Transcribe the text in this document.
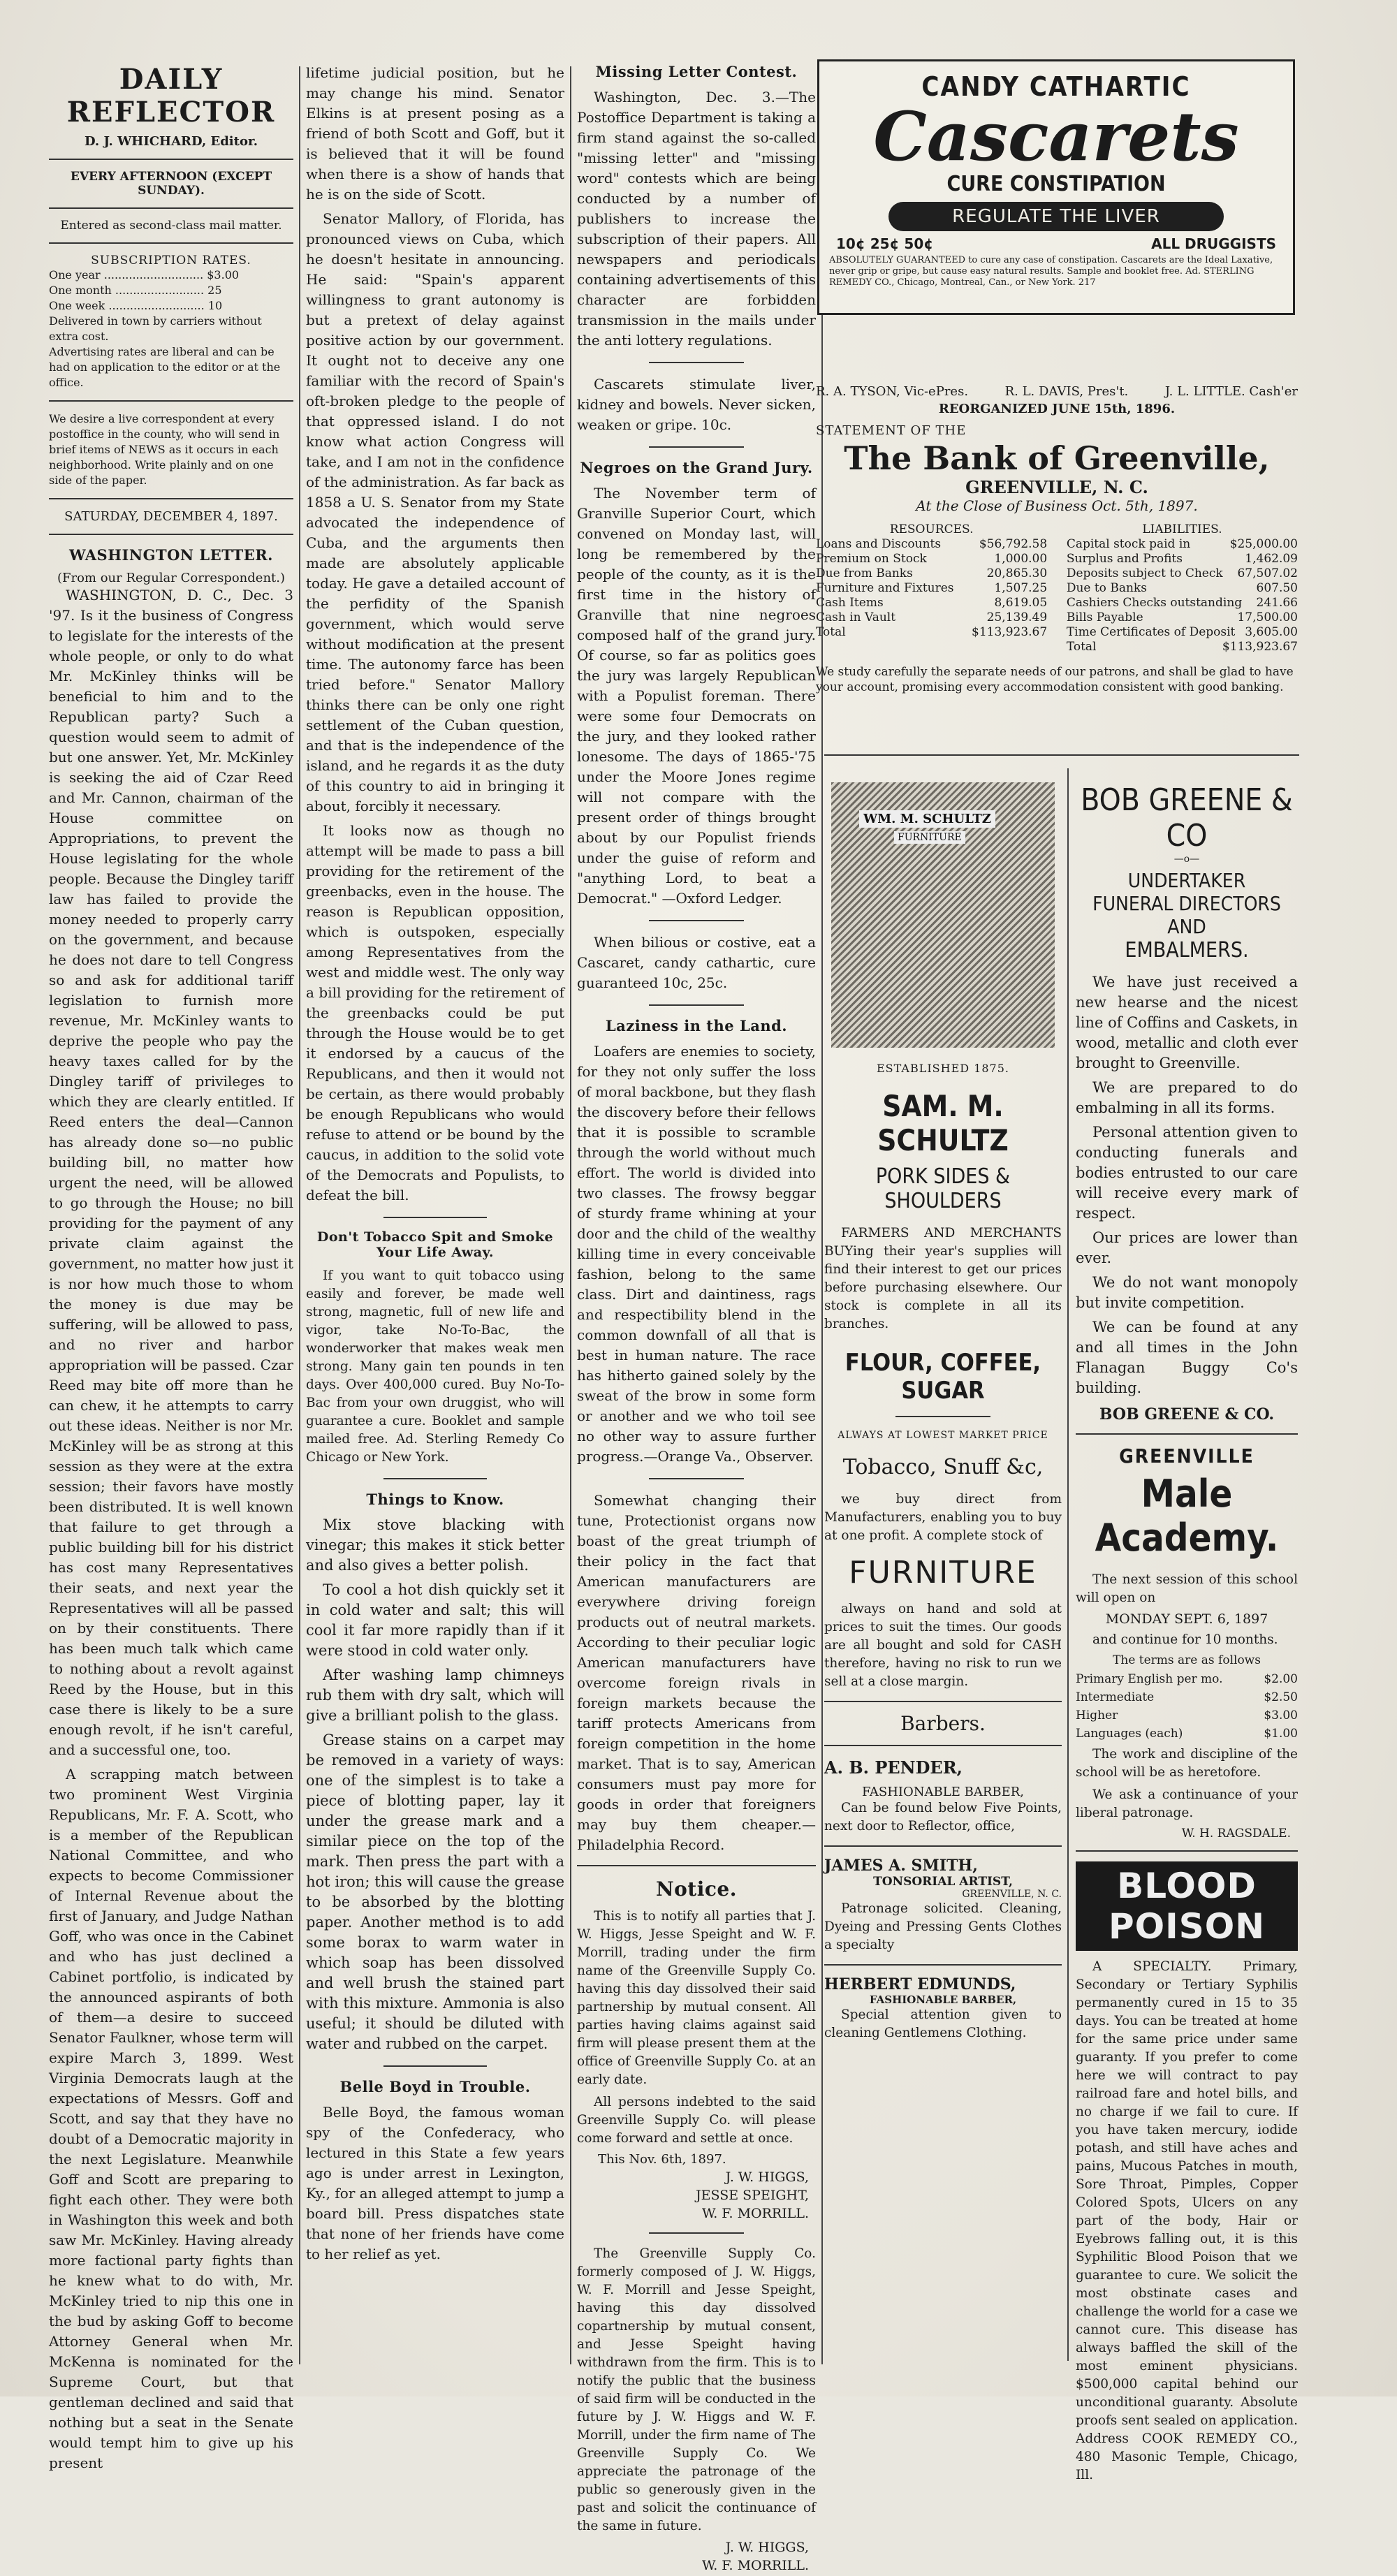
DAILY REFLECTOR
D. J. WHICHARD, Editor.
EVERY AFTERNOON (EXCEPT SUNDAY).
Entered as second-class mail matter.
SUBSCRIPTION RATES.
One year ............................ $3.00
One month ......................... 25
One week ........................... 10
Delivered in town by carriers without extra cost.
Advertising rates are liberal and can be had on application to the editor or at the office.
We desire a live correspondent at every postoffice in the county, who will send in brief items of NEWS as it occurs in each neighborhood. Write plainly and on one side of the paper.
SATURDAY, DECEMBER 4, 1897.
WASHINGTON LETTER.
(From our Regular Correspondent.)

WASHINGTON, D. C., Dec. 3 '97. Is it the business of Congress to legislate for the interests of the whole people, or only to do what Mr. McKinley thinks will be beneficial to him and to the Republican party? Such a question would seem to admit of but one answer. Yet, Mr. McKinley is seeking the aid of Czar Reed and Mr. Cannon, chairman of the House committee on Appropriations, to prevent the House legislating for the whole people. Because the Dingley tariff law has failed to provide the money needed to properly carry on the government, and because he does not dare to tell Congress so and ask for additional tariff legislation to furnish more revenue, Mr. McKinley wants to deprive the people who pay the heavy taxes called for by the Dingley tariff of privileges to which they are clearly entitled. If Reed enters the deal—Cannon has already done so—no public building bill, no matter how urgent the need, will be allowed to go through the House; no bill providing for the payment of any private claim against the government, no matter how just it is nor how much those to whom the money is due may be suffering, will be allowed to pass, and no river and harbor appropriation will be passed. Czar Reed may bite off more than he can chew, it he attempts to carry out these ideas. Neither is nor Mr. McKinley will be as strong at this session as they were at the extra session; their favors have mostly been distributed. It is well known that failure to get through a public building bill for his district has cost many Representatives their seats, and next year the Representatives will all be passed on by their constituents. There has been much talk which came to nothing about a revolt against Reed by the House, but in this case there is likely to be a sure enough revolt, if he isn't careful, and a successful one, too.

A scrapping match between two prominent West Virginia Republicans, Mr. F. A. Scott, who is a member of the Republican National Committee, and who expects to become Commissioner of Internal Revenue about the first of January, and Judge Nathan Goff, who was once in the Cabinet and who has just declined a Cabinet portfolio, is indicated by the announced aspirants of both of them—a desire to succeed Senator Faulkner, whose term will expire March 3, 1899. West Virginia Democrats laugh at the expectations of Messrs. Goff and Scott, and say that they have no doubt of a Democratic majority in the next Legislature. Meanwhile Goff and Scott are preparing to fight each other. They were both in Washington this week and both saw Mr. McKinley. Having already more factional party fights than he knew what to do with, Mr. McKinley tried to nip this one in the bud by asking Goff to become Attorney General when Mr. McKenna is nominated for the Supreme Court, but that gentleman declined and said that nothing but a seat in the Senate would tempt him to give up his present

lifetime judicial position, but he may change his mind. Senator Elkins is at present posing as a friend of both Scott and Goff, but it is believed that it will be found when there is a show of hands that he is on the side of Scott.

Senator Mallory, of Florida, has pronounced views on Cuba, which he doesn't hesitate in announcing. He said: "Spain's apparent willingness to grant autonomy is but a pretext of delay against positive action by our government. It ought not to deceive any one familiar with the record of Spain's oft-broken pledge to the people of that oppressed island. I do not know what action Congress will take, and I am not in the confidence of the administration. As far back as 1858 a U. S. Senator from my State advocated the independence of Cuba, and the arguments then made are absolutely applicable today. He gave a detailed account of the perfidity of the Spanish government, which would serve without modification at the present time. The autonomy farce has been tried before." Senator Mallory thinks there can be only one right settlement of the Cuban question, and that is the independence of the island, and he regards it as the duty of this country to aid in bringing it about, forcibly it necessary.

It looks now as though no attempt will be made to pass a bill providing for the retirement of the greenbacks, even in the house. The reason is Republican opposition, which is outspoken, especially among Representatives from the west and middle west. The only way a bill providing for the retirement of the greenbacks could be put through the House would be to get it endorsed by a caucus of the Republicans, and then it would not be certain, as there would probably be enough Republicans who would refuse to attend or be bound by the caucus, in addition to the solid vote of the Democrats and Populists, to defeat the bill.

Don't Tobacco Spit and Smoke Your Life Away.

If you want to quit tobacco using easily and forever, be made well strong, magnetic, full of new life and vigor, take No-To-Bac, the wonderworker that makes weak men strong. Many gain ten pounds in ten days. Over 400,000 cured. Buy No-To-Bac from your own druggist, who will guarantee a cure. Booklet and sample mailed free. Ad. Sterling Remedy Co Chicago or New York.

Things to Know.

Mix stove blacking with vinegar; this makes it stick better and also gives a better polish.

To cool a hot dish quickly set it in cold water and salt; this will cool it far more rapidly than if it were stood in cold water only.

After washing lamp chimneys rub them with dry salt, which will give a brilliant polish to the glass.

Grease stains on a carpet may be removed in a variety of ways: one of the simplest is to take a piece of blotting paper, lay it under the grease mark and a similar piece on the top of the mark. Then press the part with a hot iron; this will cause the grease to be absorbed by the blotting paper. Another method is to add some borax to warm water in which soap has been dissolved and well brush the stained part with this mixture. Ammonia is also useful; it should be diluted with water and rubbed on the carpet.

Belle Boyd in Trouble.

Belle Boyd, the famous woman spy of the Confederacy, who lectured in this State a few years ago is under arrest in Lexington, Ky., for an alleged attempt to jump a board bill. Press dispatches state that none of her friends have come to her relief as yet.

Missing Letter Contest.

Washington, Dec. 3.—The Postoffice Department is taking a firm stand against the so-called "missing letter" and "missing word" contests which are being conducted by a number of publishers to increase the subscription of their papers. All newspapers and periodicals containing advertisements of this character are forbidden transmission in the mails under the anti lottery regulations.

Cascarets stimulate liver, kidney and bowels. Never sicken, weaken or gripe. 10c.

Negroes on the Grand Jury.

The November term of Granville Superior Court, which convened on Monday last, will long be remembered by the people of the county, as it is the first time in the history of Granville that nine negroes composed half of the grand jury. Of course, so far as politics goes the jury was largely Republican with a Populist foreman. There were some four Democrats on the jury, and they looked rather lonesome. The days of 1865-'75 under the Moore Jones regime will not compare with the present order of things brought about by our Populist friends under the guise of reform and "anything Lord, to beat a Democrat." —Oxford Ledger.

When bilious or costive, eat a Cascaret, candy cathartic, cure guaranteed 10c, 25c.

Laziness in the Land.

Loafers are enemies to society, for they not only suffer the loss of moral backbone, but they flash the discovery before their fellows that it is possible to scramble through the world without much effort. The world is divided into two classes. The frowsy beggar of sturdy frame whining at your door and the child of the wealthy killing time in every conceivable fashion, belong to the same class. Dirt and daintiness, rags and respectibility blend in the common downfall of all that is best in human nature. The race has hitherto gained solely by the sweat of the brow in some form or another and we who toil see no other way to assure further progress.—Orange Va., Observer.

Somewhat changing their tune, Protectionist organs now boast of the great triumph of their policy in the fact that American manufacturers are everywhere driving foreign products out of neutral markets. According to their peculiar logic American manufacturers have overcome foreign rivals in foreign markets because the tariff protects Americans from foreign competition in the home market. That is to say, American consumers must pay more for goods in order that foreigners may buy them cheaper.—Philadelphia Record.

Notice.

This is to notify all parties that J. W. Higgs, Jesse Speight and W. F. Morrill, trading under the firm name of the Greenville Supply Co. having this day dissolved their said partnership by mutual consent. All parties having claims against said firm will please present them at the office of Greenville Supply Co. at an early date.

All persons indebted to the said Greenville Supply Co. will please come forward and settle at once.

This Nov. 6th, 1897.
J. W. HIGGS,
JESSE SPEIGHT,
W. F. MORRILL.

The Greenville Supply Co. formerly composed of J. W. Higgs, W. F. Morrill and Jesse Speight, having this day dissolved copartnership by mutual consent, and Jesse Speight having withdrawn from the firm. This is to notify the public that the business of said firm will be conducted in the future by J. W. Higgs and W. F. Morrill, under the firm name of The Greenville Supply Co. We appreciate the patronage of the public so generously given in the past and solicit the continuance of the same in future.

J. W. HIGGS,
W. F. MORRILL.
CANDY CATHARTIC
Cascarets
CURE CONSTIPATION
REGULATE THE LIVER
10¢ 25¢ 50¢	ALL DRUGGISTS
ABSOLUTELY GUARANTEED to cure any case of constipation. Cascarets are the Ideal Laxative, never grip or gripe, but cause easy natural results. Sample and booklet free. Ad. STERLING REMEDY CO., Chicago, Montreal, Can., or New York. 217
R. A. TYSON, Vic-ePres.	R. L. DAVIS, Pres't.	J. L. LITTLE. Cash'er
REORGANIZED JUNE 15th, 1896.
STATEMENT OF THE
The Bank of Greenville,
GREENVILLE, N. C.
At the Close of Business Oct. 5th, 1897.
RESOURCES.
Loans and Discounts	$56,792.58
Premium on Stock	1,000.00
Due from Banks	20,865.30
Furniture and Fixtures	1,507.25
Cash Items	8,619.05
Cash in Vault	25,139.49
Total	$113,923.67
LIABILITIES.
Capital stock paid in	$25,000.00
Surplus and Profits	1,462.09
Deposits subject to Check 67,507.02
Due to Banks	607.50
Cashiers Checks outstanding 241.66
Bills Payable	17,500.00
Time Certificates of Deposit 3,605.00
Total	$113,923.67
We study carefully the separate needs of our patrons, and shall be glad to have your account, promising every accommodation consistent with good banking.
WM. M. SCHULTZ
FURNITURE
ESTABLISHED 1875.
SAM. M. SCHULTZ
PORK SIDES & SHOULDERS

FARMERS AND MERCHANTS BUYing their year's supplies will find their interest to get our prices before purchasing elsewhere. Our stock is complete in all its branches.

FLOUR, COFFEE, SUGAR
ALWAYS AT LOWEST MARKET PRICE
Tobacco, Snuff &c,

we buy direct from Manufacturers, enabling you to buy at one profit. A complete stock of

FURNITURE

always on hand and sold at prices to suit the times. Our goods are all bought and sold for CASH therefore, having no risk to run we sell at a close margin.

Barbers.
A. B. PENDER,
FASHIONABLE BARBER,

Can be found below Five Points, next door to Reflector, office,

JAMES A. SMITH,
TONSORIAL ARTIST,
GREENVILLE, N. C.

Patronage solicited. Cleaning, Dyeing and Pressing Gents Clothes a specialty

HERBERT EDMUNDS,
FASHIONABLE BARBER,

Special attention given to cleaning Gentlemens Clothing.

BOB GREENE & CO
—o—
UNDERTAKER
FUNERAL DIRECTORS AND
EMBALMERS.

We have just received a new hearse and the nicest line of Coffins and Caskets, in wood, metallic and cloth ever brought to Greenville.

We are prepared to do embalming in all its forms.

Personal attention given to conducting funerals and bodies entrusted to our care will receive every mark of respect.

Our prices are lower than ever.

We do not want monopoly but invite competition.

We can be found at any and all times in the John Flanagan Buggy Co's building.

BOB GREENE & CO.
GREENVILLE
Male Academy.

The next session of this school will open on

MONDAY SEPT. 6, 1897

and continue for 10 months.

The terms are as follows
Primary English per mo.	$2.00
Intermediate	$2.50
Higher	$3.00
Languages (each)	$1.00

The work and discipline of the school will be as heretofore.

We ask a continuance of your liberal patronage.

W. H. RAGSDALE.
BLOOD POISON

A SPECIALTY. Primary, Secondary or Tertiary Syphilis permanently cured in 15 to 35 days. You can be treated at home for the same price under same guaranty. If you prefer to come here we will contract to pay railroad fare and hotel bills, and no charge if we fail to cure. If you have taken mercury, iodide potash, and still have aches and pains, Mucous Patches in mouth, Sore Throat, Pimples, Copper Colored Spots, Ulcers on any part of the body, Hair or Eyebrows falling out, it is this Syphilitic Blood Poison that we guarantee to cure. We solicit the most obstinate cases and challenge the world for a case we cannot cure. This disease has always baffled the skill of the most eminent physicians. $500,000 capital behind our unconditional guaranty. Absolute proofs sent sealed on application. Address COOK REMEDY CO., 480 Masonic Temple, Chicago, Ill.
